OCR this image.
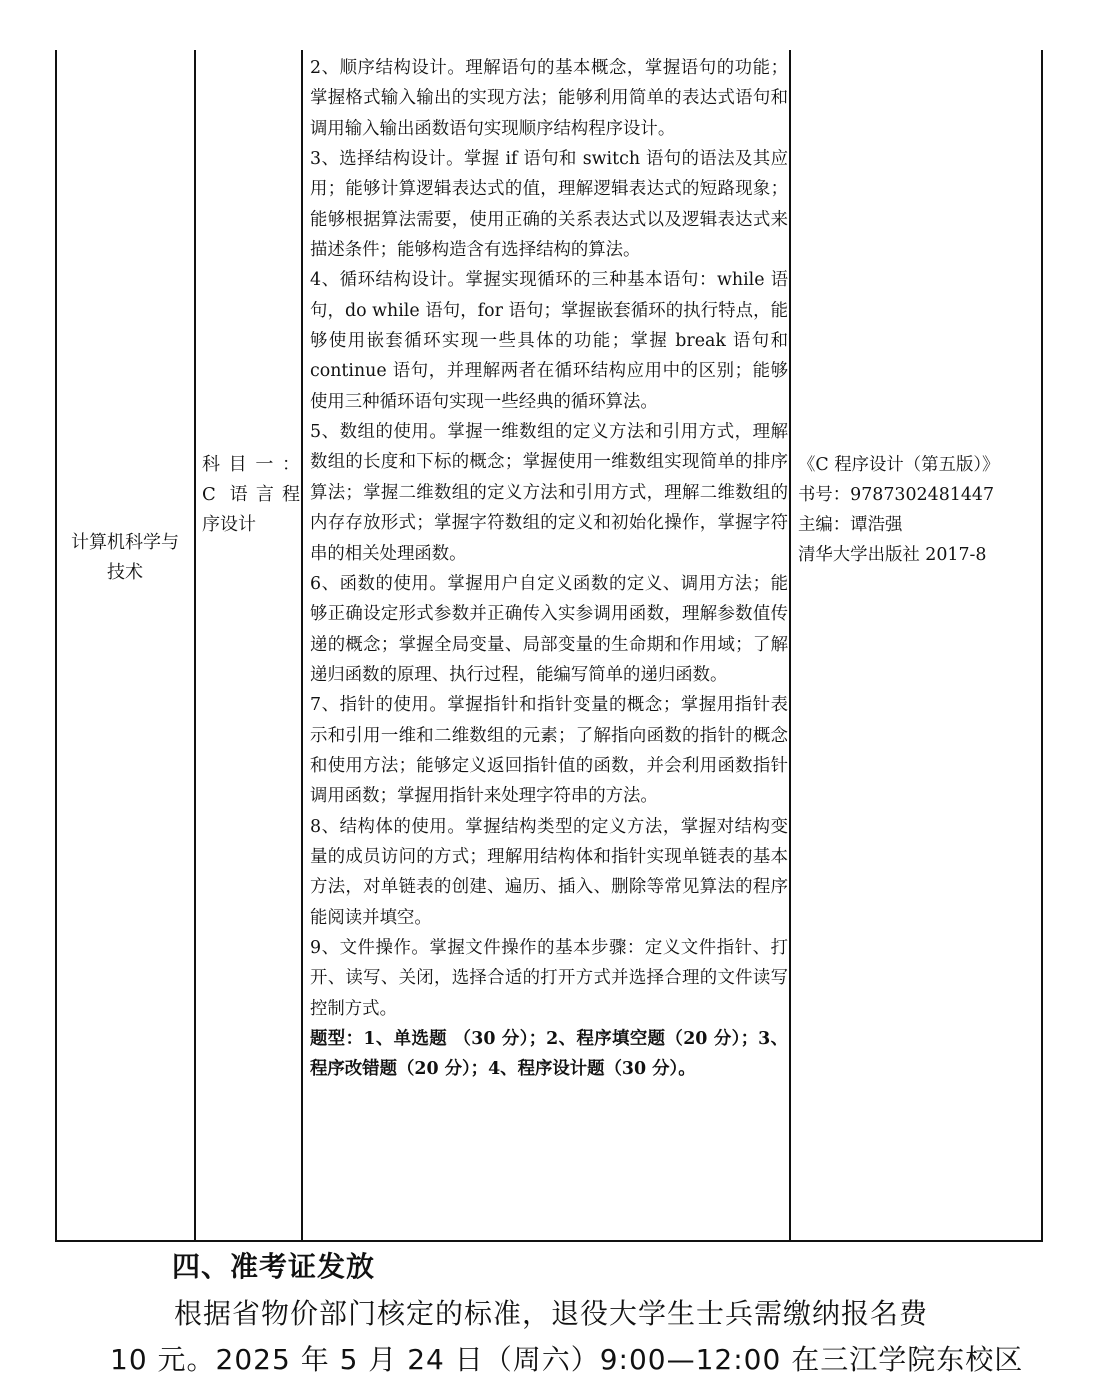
计算机科学与
技术
科目一：
C 语言程
序设计

2、顺序结构设计。理解语句的基本概念，掌握语句的功能；掌握格式输入输出的实现方法；能够利用简单的表达式语句和调用输入输出函数语句实现顺序结构程序设计。

3、选择结构设计。掌握 if 语句和 switch 语句的语法及其应用；能够计算逻辑表达式的值，理解逻辑表达式的短路现象；能够根据算法需要，使用正确的关系表达式以及逻辑表达式来描述条件；能够构造含有选择结构的算法。

4、循环结构设计。掌握实现循环的三种基本语句：while 语句，do while 语句，for 语句；掌握嵌套循环的执行特点，能够使用嵌套循环实现一些具体的功能；掌握 break 语句和 continue 语句，并理解两者在循环结构应用中的区别；能够使用三种循环语句实现一些经典的循环算法。

5、数组的使用。掌握一维数组的定义方法和引用方式，理解数组的长度和下标的概念；掌握使用一维数组实现简单的排序算法；掌握二维数组的定义方法和引用方式，理解二维数组的内存存放形式；掌握字符数组的定义和初始化操作，掌握字符串的相关处理函数。

6、函数的使用。掌握用户自定义函数的定义、调用方法；能够正确设定形式参数并正确传入实参调用函数，理解参数值传递的概念；掌握全局变量、局部变量的生命期和作用域；了解递归函数的原理、执行过程，能编写简单的递归函数。

7、指针的使用。掌握指针和指针变量的概念；掌握用指针表示和引用一维和二维数组的元素；了解指向函数的指针的概念和使用方法；能够定义返回指针值的函数，并会利用函数指针调用函数；掌握用指针来处理字符串的方法。

8、结构体的使用。掌握结构类型的定义方法，掌握对结构变量的成员访问的方式；理解用结构体和指针实现单链表的基本方法，对单链表的创建、遍历、插入、删除等常见算法的程序能阅读并填空。

9、文件操作。掌握文件操作的基本步骤：定义文件指针、打开、读写、关闭，选择合适的打开方式并选择合理的文件读写控制方式。

题型：1、单选题 （30 分）；2、程序填空题（20 分）；3、程序改错题（20 分）；4、程序设计题（30 分）。

《C 程序设计（第五版）》
书号：9787302481447
主编：谭浩强
清华大学出版社 2017-8
四、准考证发放
根据省物价部门核定的标准，退役大学生士兵需缴纳报名费
10 元。2025 年 5 月 24 日（周六）9:00—12:00 在三江学院东校区
